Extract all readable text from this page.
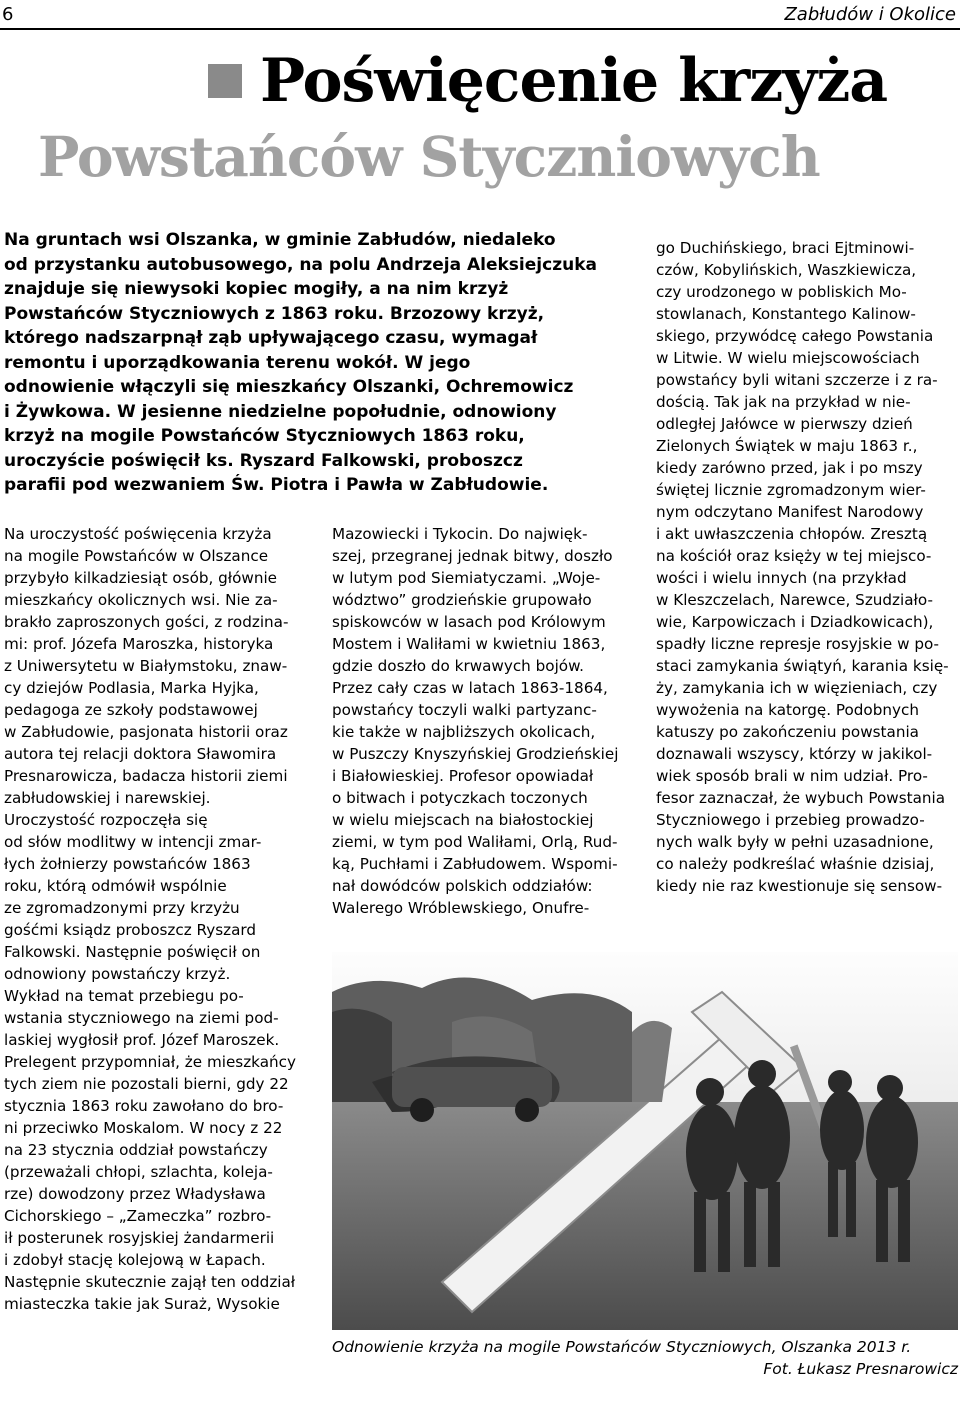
6	Zabłudów i Okolice
Poświęcenie krzyża
Powstańców Styczniowych
Na gruntach wsi Olszanka, w gminie Zabłudów, niedaleko
od przystanku autobusowego, na polu Andrzeja Aleksiejczuka
znajduje się niewysoki kopiec mogiły, a na nim krzyż
Powstańców Styczniowych z 1863 roku. Brzozowy krzyż,
którego nadszarpnął ząb upływającego czasu, wymagał
remontu i uporządkowania terenu wokół. W jego
odnowienie włączyli się mieszkańcy Olszanki, Ochremowicz
i Żywkowa. W jesienne niedzielne popołudnie, odnowiony
krzyż na mogile Powstańców Styczniowych 1863 roku,
uroczyście poświęcił ks. Ryszard Falkowski, proboszcz
parafii pod wezwaniem Św. Piotra i Pawła w Zabłudowie.
Na uroczystość poświęcenia krzyża
na mogile Powstańców w Olszance
przybyło kilkadziesiąt osób, głównie
mieszkańcy okolicznych wsi. Nie za-
brakło zaproszonych gości, z rodzina-
mi: prof. Józefa Maroszka, historyka
z Uniwersytetu w Białymstoku, znaw-
cy dziejów Podlasia, Marka Hyjka,
pedagoga ze szkoły podstawowej
w Zabłudowie, pasjonata historii oraz
autora tej relacji doktora Sławomira
Presnarowicza, badacza historii ziemi
zabłudowskiej i narewskiej.
Uroczystość rozpoczęła się
od słów modlitwy w intencji zmar-
łych żołnierzy powstańców 1863
roku, którą odmówił wspólnie
ze zgromadzonymi przy krzyżu
gośćmi ksiądz proboszcz Ryszard
Falkowski. Następnie poświęcił on
odnowiony powstańczy krzyż.
Wykład na temat przebiegu po-
wstania styczniowego na ziemi pod-
laskiej wygłosił prof. Józef Maroszek.
Prelegent przypomniał, że mieszkańcy
tych ziem nie pozostali bierni, gdy 22
stycznia 1863 roku zawołano do bro-
ni przeciwko Moskalom. W nocy z 22
na 23 stycznia oddział powstańczy
(przeważali chłopi, szlachta, koleja-
rze) dowodzony przez Władysława
Cichorskiego – „Zameczka” rozbro-
ił posterunek rosyjskiej żandarmerii
i zdobył stację kolejową w Łapach.
Następnie skutecznie zajął ten oddział
miasteczka takie jak Suraż, Wysokie
Mazowiecki i Tykocin. Do najwięk-
szej, przegranej jednak bitwy, doszło
w lutym pod Siemiatyczami. „Woje-
wództwo” grodzieńskie grupowało
spiskowców w lasach pod Królowym
Mostem i Waliłami w kwietniu 1863,
gdzie doszło do krwawych bojów.
Przez cały czas w latach 1863-1864,
powstańcy toczyli walki partyzanc-
kie także w najbliższych okolicach,
w Puszczy Knyszyńskiej Grodzieńskiej
i Białowieskiej. Profesor opowiadał
o bitwach i potyczkach toczonych
w wielu miejscach na białostockiej
ziemi, w tym pod Waliłami, Orlą, Rud-
ką, Puchłami i Zabłudowem. Wspomi-
nał dowódców polskich oddziałów:
Walerego Wróblewskiego, Onufre-
go Duchińskiego, braci Ejtminowi-
czów, Kobylińskich, Waszkiewicza,
czy urodzonego w pobliskich Mo-
stowlanach, Konstantego Kalinow-
skiego, przywódcę całego Powstania
w Litwie. W wielu miejscowościach
powstańcy byli witani szczerze i z ra-
dością. Tak jak na przykład w nie-
odległej Jałówce w pierwszy dzień
Zielonych Świątek w maju 1863 r.,
kiedy zarówno przed, jak i po mszy
świętej licznie zgromadzonym wier-
nym odczytano Manifest Narodowy
i akt uwłaszczenia chłopów. Zresztą
na kościół oraz księży w tej miejsco-
wości i wielu innych (na przykład
w Kleszczelach, Narewce, Szudziało-
wie, Karpowiczach i Dziadkowicach),
spadły liczne represje rosyjskie w po-
staci zamykania świątyń, karania księ-
ży, zamykania ich w więzieniach, czy
wywożenia na katorgę. Podobnych
katuszy po zakończeniu powstania
doznawali wszyscy, którzy w jakikol-
wiek sposób brali w nim udział. Pro-
fesor zaznaczał, że wybuch Powstania
Styczniowego i przebieg prowadzo-
nych walk były w pełni uzasadnione,
co należy podkreślać właśnie dzisiaj,
kiedy nie raz kwestionuje się sensow-
Odnowienie krzyża na mogile Powstańców Styczniowych, Olszanka 2013 r.
Fot. Łukasz Presnarowicz
